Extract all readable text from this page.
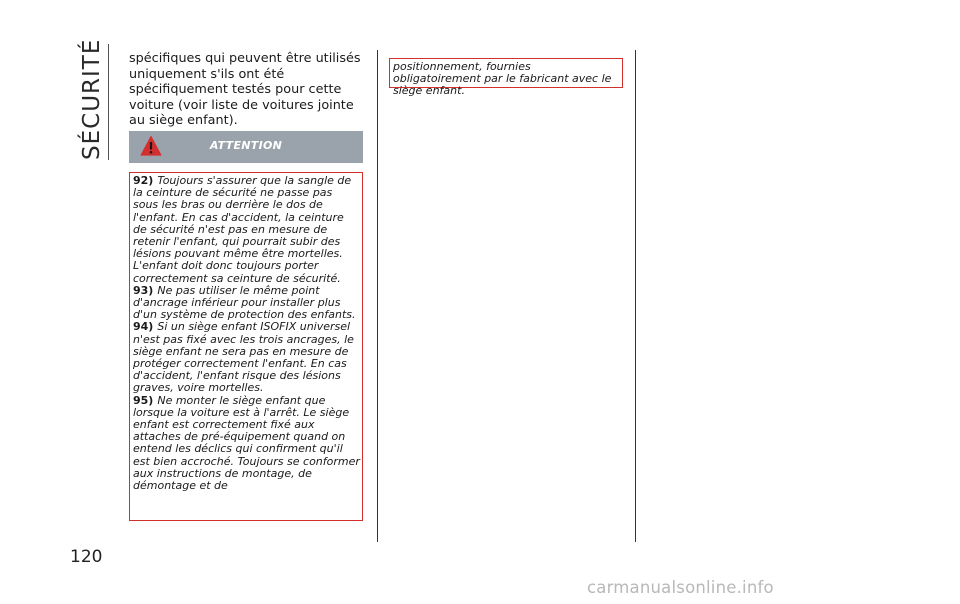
SÉCURITÉ
120

spécifiques qui peuvent être utilisés uniquement s'ils ont été spécifiquement testés pour cette voiture (voir liste de voitures jointe au siège enfant).

ATTENTION

92) Toujours s'assurer que la sangle de la ceinture de sécurité ne passe pas sous les bras ou derrière le dos de l'enfant. En cas d'accident, la ceinture de sécurité n'est pas en mesure de retenir l'enfant, qui pourrait subir des lésions pouvant même être mortelles. L'enfant doit donc toujours porter correctement sa ceinture de sécurité.

93) Ne pas utiliser le même point d'ancrage inférieur pour installer plus d'un système de protection des enfants.

94) Si un siège enfant ISOFIX universel n'est pas fixé avec les trois ancrages, le siège enfant ne sera pas en mesure de protéger correctement l'enfant. En cas d'accident, l'enfant risque des lésions graves, voire mortelles.

95) Ne monter le siège enfant que lorsque la voiture est à l'arrêt. Le siège enfant est correctement fixé aux attaches de pré-équipement quand on entend les déclics qui confirment qu'il est bien accroché. Toujours se conformer aux instructions de montage, de démontage et de

positionnement, fournies obligatoirement par le fabricant avec le siège enfant.
carmanualsonline.info
